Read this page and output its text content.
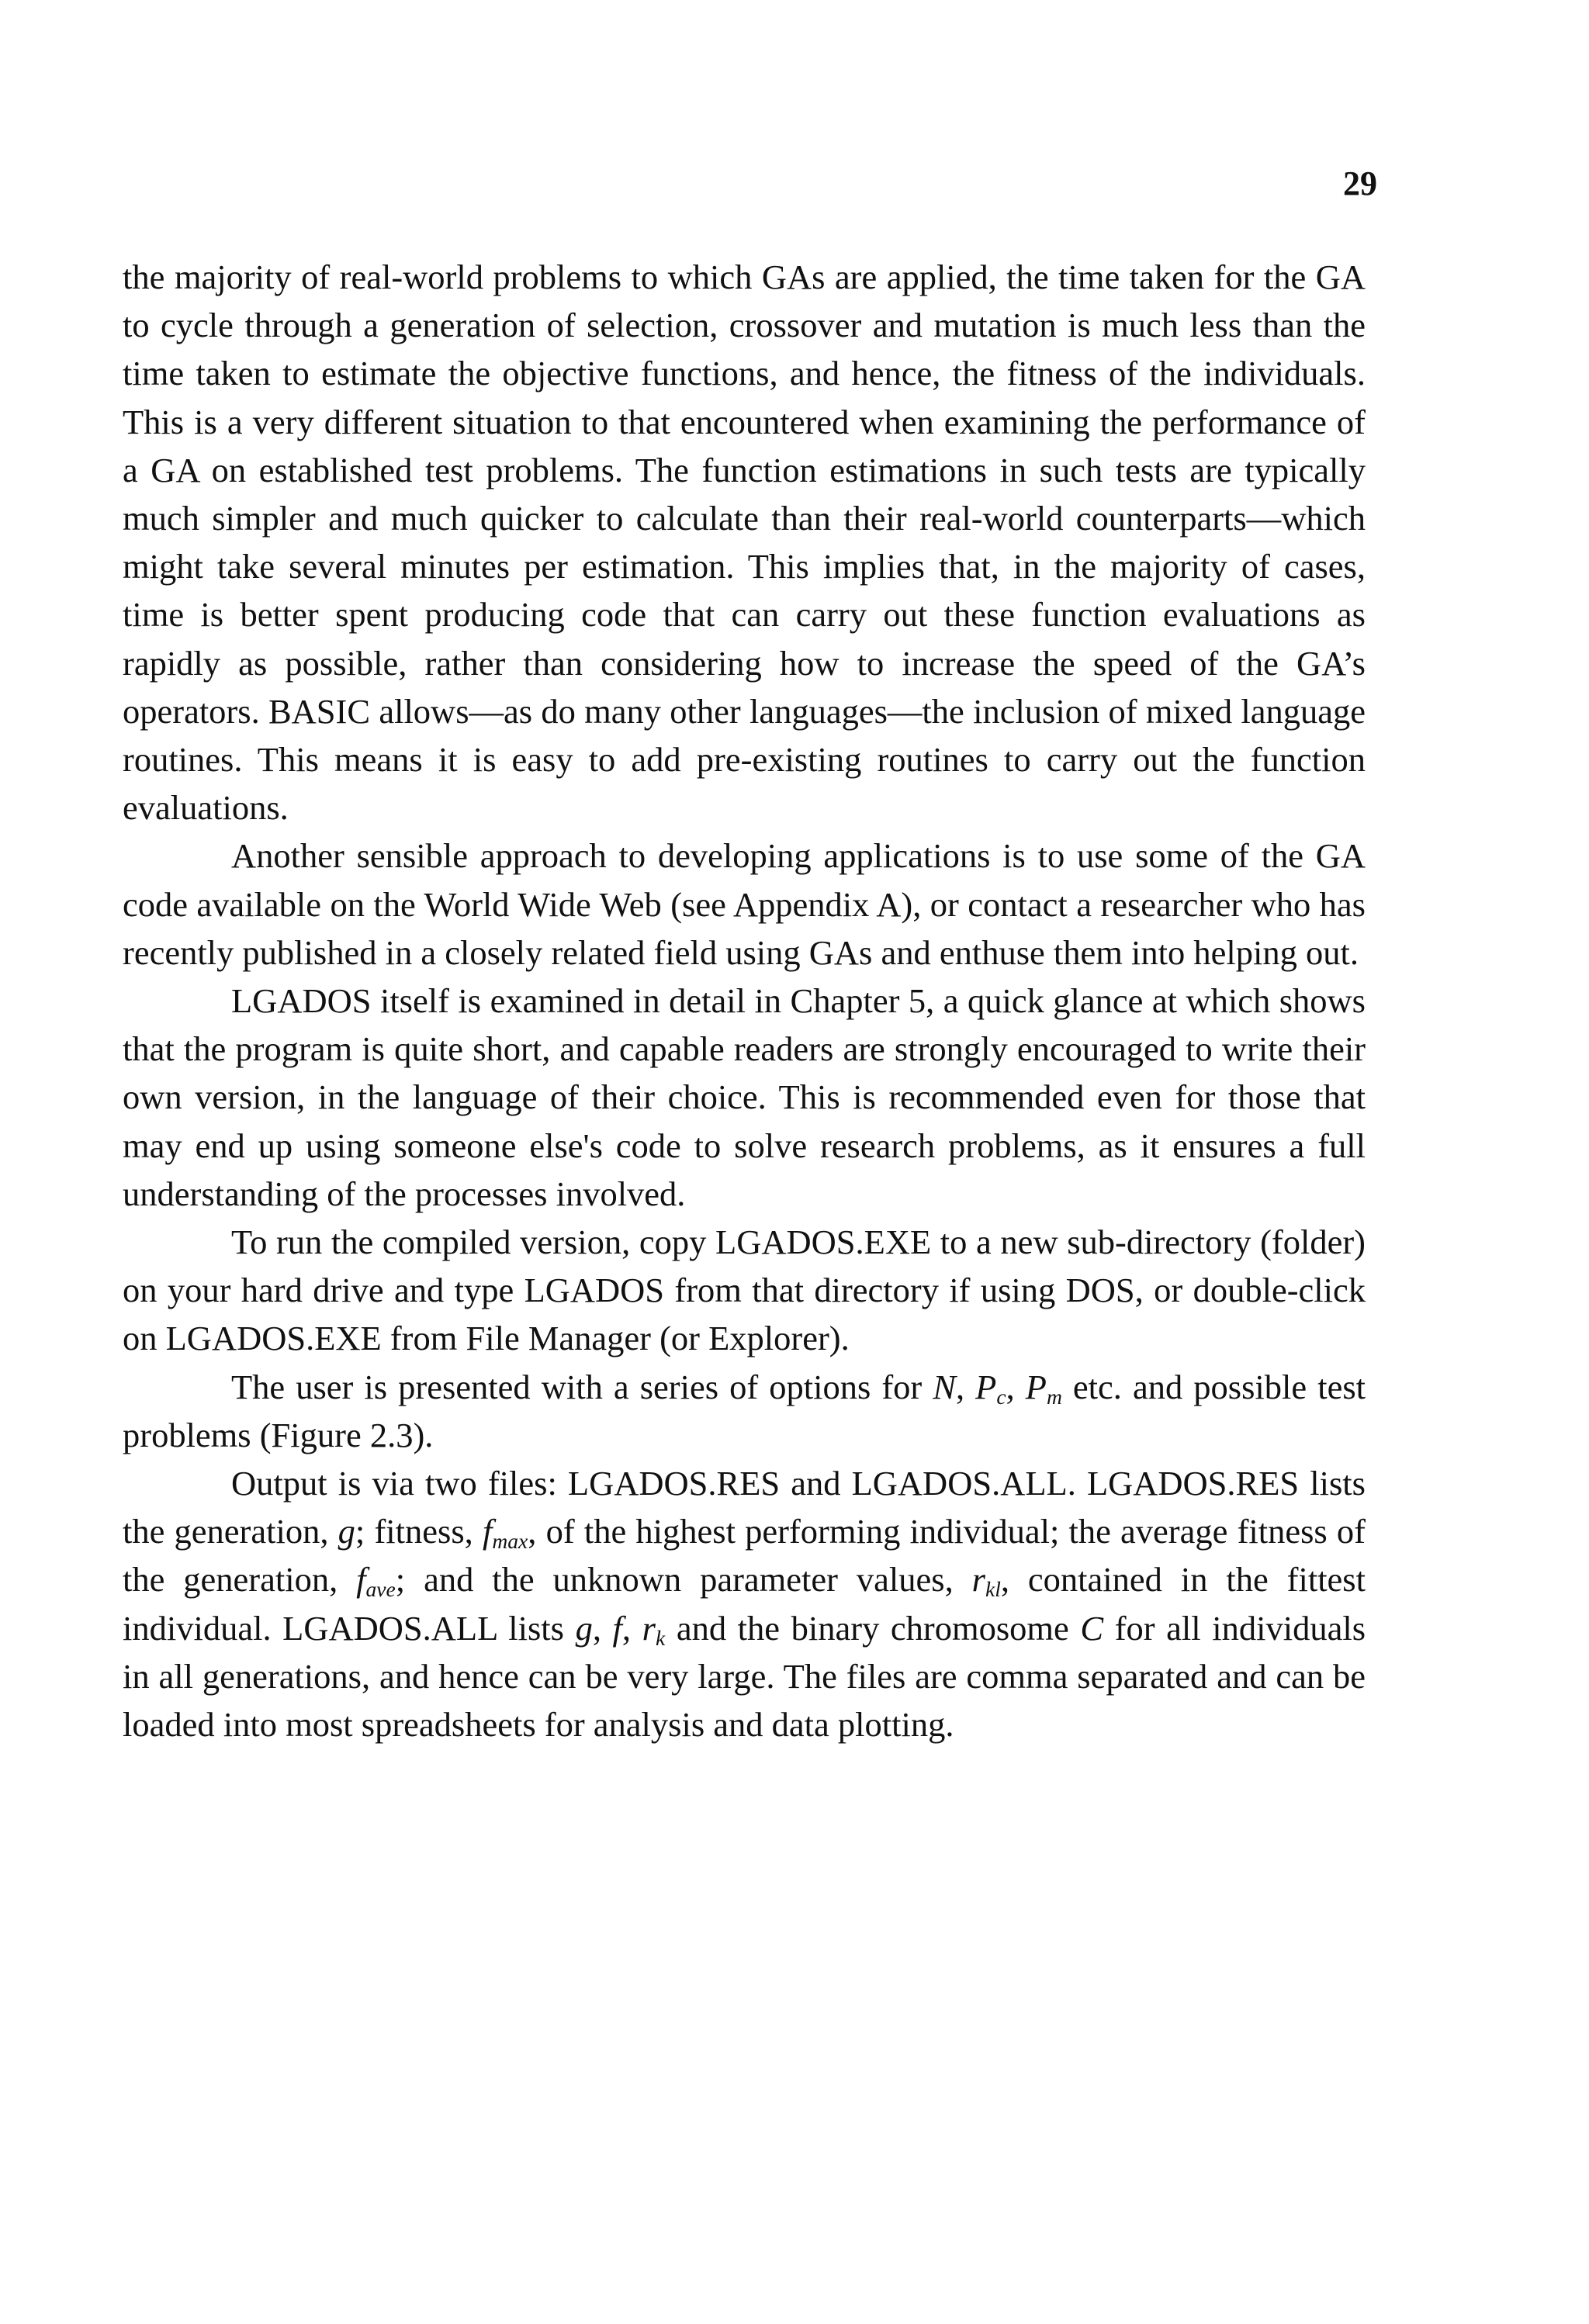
29

the majority of real-world problems to which GAs are applied, the time taken for the GA to cycle through a generation of selection, crossover and mutation is much less than the time taken to estimate the objective functions, and hence, the fitness of the individuals. This is a very different situation to that encountered when examining the performance of a GA on established test problems. The function estimations in such tests are typically much simpler and much quicker to calculate than their real-world counterparts—which might take several minutes per estimation. This implies that, in the majority of cases, time is better spent producing code that can carry out these function evaluations as rapidly as possible, rather than considering how to increase the speed of the GA’s operators. BASIC allows—as do many other languages—the inclusion of mixed language routines. This means it is easy to add pre-existing routines to carry out the function evaluations.

Another sensible approach to developing applications is to use some of the GA code available on the World Wide Web (see Appendix A), or contact a researcher who has recently published in a closely related field using GAs and enthuse them into helping out.

LGADOS itself is examined in detail in Chapter 5, a quick glance at which shows that the program is quite short, and capable readers are strongly encouraged to write their own version, in the language of their choice. This is recommended even for those that may end up using someone else's code to solve research problems, as it ensures a full understanding of the processes involved.

To run the compiled version, copy LGADOS.EXE to a new sub-directory (folder) on your hard drive and type LGADOS from that directory if using DOS, or double-click on LGADOS.EXE from File Manager (or Explorer).

The user is presented with a series of options for N, $P_c$, $P_m$ etc. and possible test problems (Figure 2.3).

Output is via two files: LGADOS.RES and LGADOS.ALL. LGADOS.RES lists the generation, g; fitness, $f_{max}$, of the highest performing individual; the average fitness of the generation, $f_{ave}$; and the unknown parameter values, $r_{kl}$, contained in the fittest individual. LGADOS.ALL lists g, f, $r_k$ and the binary chromosome C for all individuals in all generations, and hence can be very large. The files are comma separated and can be loaded into most spreadsheets for analysis and data plotting.
